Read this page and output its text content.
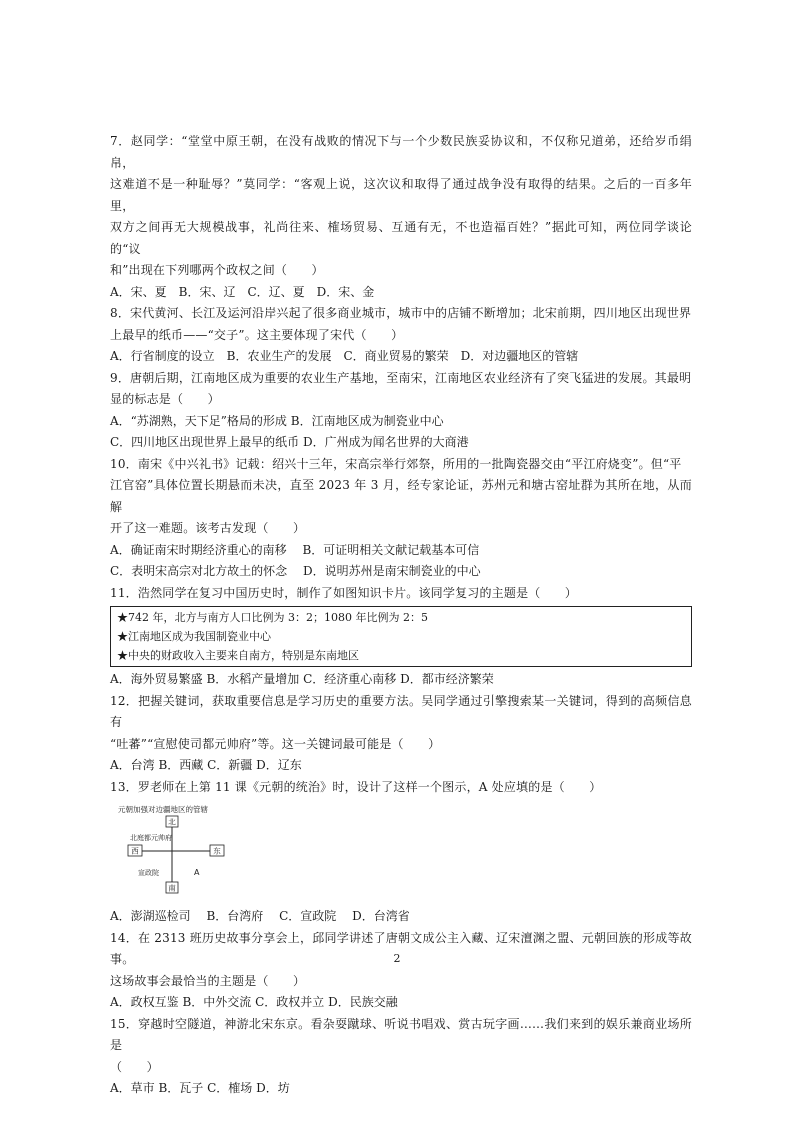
7．赵同学：“堂堂中原王朝，在没有战败的情况下与一个少数民族妥协议和，不仅称兄道弟，还给岁币绢帛，

这难道不是一种耻辱？”莫同学：“客观上说，这次议和取得了通过战争没有取得的结果。之后的一百多年里，

双方之间再无大规模战事，礼尚往来、榷场贸易、互通有无，不也造福百姓？”据此可知，两位同学谈论的“议

和”出现在下列哪两个政权之间（　　）

A．宋、夏　B．宋、辽　C．辽、夏　D．宋、金

8．宋代黄河、长江及运河沿岸兴起了很多商业城市，城市中的店铺不断增加；北宋前期，四川地区出现世界

上最早的纸币——“交子”。这主要体现了宋代（　　）

A．行省制度的设立　B．农业生产的发展　C．商业贸易的繁荣　D．对边疆地区的管辖

9．唐朝后期，江南地区成为重要的农业生产基地，至南宋，江南地区农业经济有了突飞猛进的发展。其最明

显的标志是（　　）

A．“苏湖熟，天下足”格局的形成 B．江南地区成为制瓷业中心

C．四川地区出现世界上最早的纸币 D．广州成为闻名世界的大商港

10．南宋《中兴礼书》记载：绍兴十三年，宋高宗举行郊祭，所用的一批陶瓷器交由“平江府烧变”。但“平

江官窑”具体位置长期悬而未决，直至 2023 年 3 月，经专家论证，苏州元和塘古窑址群为其所在地，从而解

开了这一难题。该考古发现（　　）

A．确证南宋时期经济重心的南移　 B．可证明相关文献记载基本可信

C．表明宋高宗对北方故土的怀念　 D．说明苏州是南宋制瓷业的中心

11．浩然同学在复习中国历史时，制作了如图知识卡片。该同学复习的主题是（　　）

★742 年，北方与南方人口比例为 3：2；1080 年比例为 2：5
★江南地区成为我国制瓷业中心
★中央的财政收入主要来自南方，特别是东南地区

A．海外贸易繁盛 B．水稻产量增加 C．经济重心南移 D．都市经济繁荣

12．把握关键词，获取重要信息是学习历史的重要方法。吴同学通过引擎搜索某一关键词，得到的高频信息有

“吐蕃”“宣慰使司都元帅府”等。这一关键词最可能是（　　）

A．台湾 B．西藏 C．新疆 D．辽东

13．罗老师在上第 11 课《元朝的统治》时，设计了这样一个图示，A 处应填的是（　　）

元朝加强对边疆地区的管辖
北
南
西	东
北庭都元帅府
宣政院	A

A．澎湖巡检司　 B．台湾府　 C．宣政院　 D．台湾省

14．在 2313 班历史故事分享会上，邱同学讲述了唐朝文成公主入藏、辽宋澶渊之盟、元朝回族的形成等故事。

这场故事会最恰当的主题是（　　）

A．政权互鉴 B．中外交流 C．政权并立 D．民族交融

15．穿越时空隧道，神游北宋东京。看杂耍蹴球、听说书唱戏、赏古玩字画……我们来到的娱乐兼商业场所是

（　　）

A．草市 B．瓦子 C．榷场 D．坊

2
